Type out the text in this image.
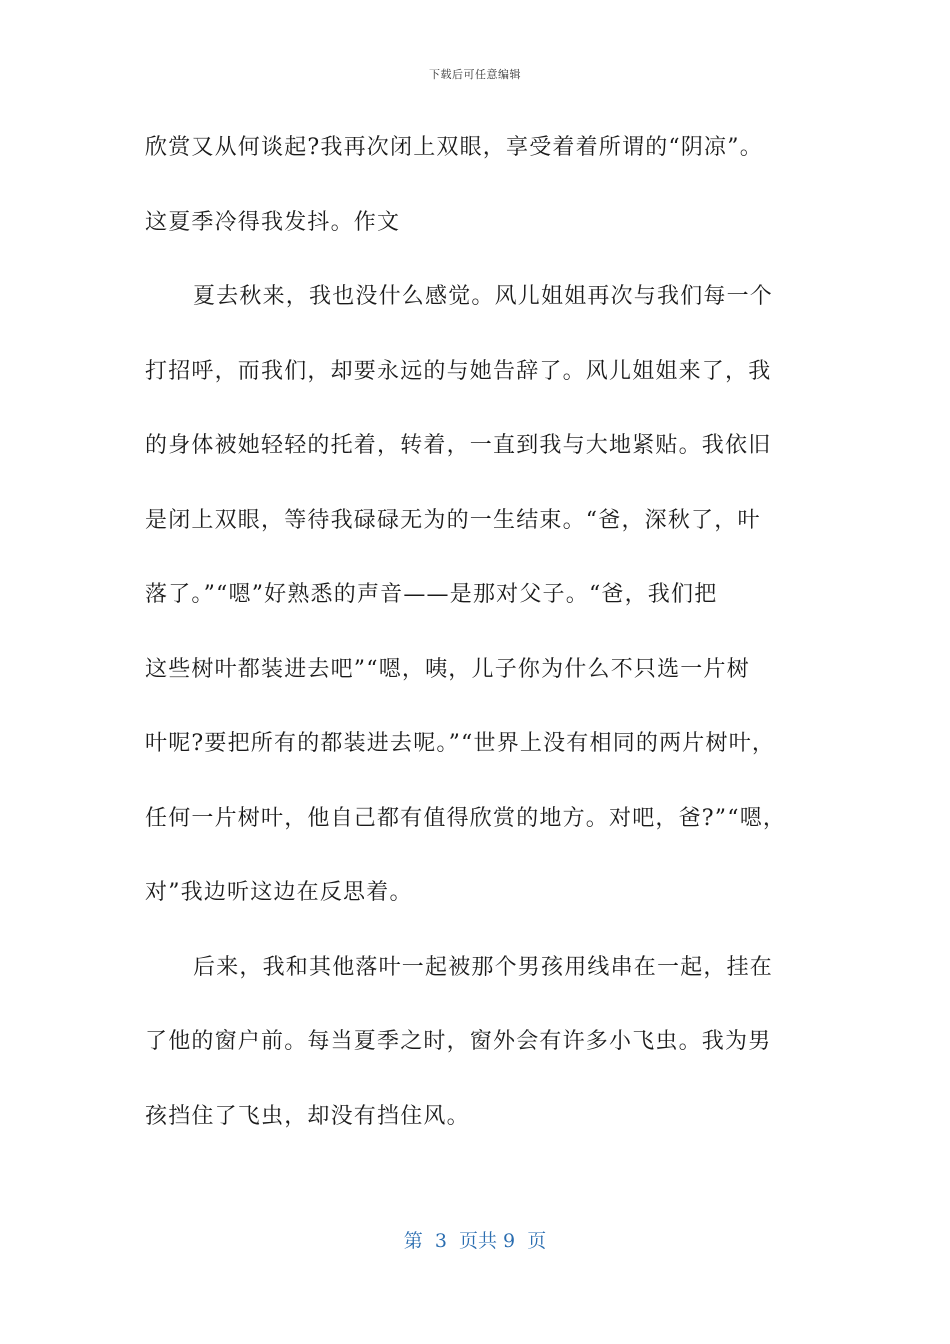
下载后可任意编辑
欣赏又从何谈起?我再次闭上双眼，享受着着所谓的“阴凉”。
这夏季冷得我发抖。作文
夏去秋来，我也没什么感觉。风儿姐姐再次与我们每一个
打招呼，而我们，却要永远的与她告辞了。风儿姐姐来了，我
的身体被她轻轻的托着，转着，一直到我与大地紧贴。我依旧
是闭上双眼，等待我碌碌无为的一生结束。“爸，深秋了，叶
落了。”“嗯”好熟悉的声音——是那对父子。“爸，我们把
这些树叶都装进去吧”“嗯，咦，儿子你为什么不只选一片树
叶呢?要把所有的都装进去呢。”“世界上没有相同的两片树叶，
任何一片树叶，他自己都有值得欣赏的地方。对吧，爸?”“嗯，
对”我边听这边在反思着。
后来，我和其他落叶一起被那个男孩用线串在一起，挂在
了他的窗户前。每当夏季之时，窗外会有许多小飞虫。我为男
孩挡住了飞虫，却没有挡住风。
第  3  页共 9  页
